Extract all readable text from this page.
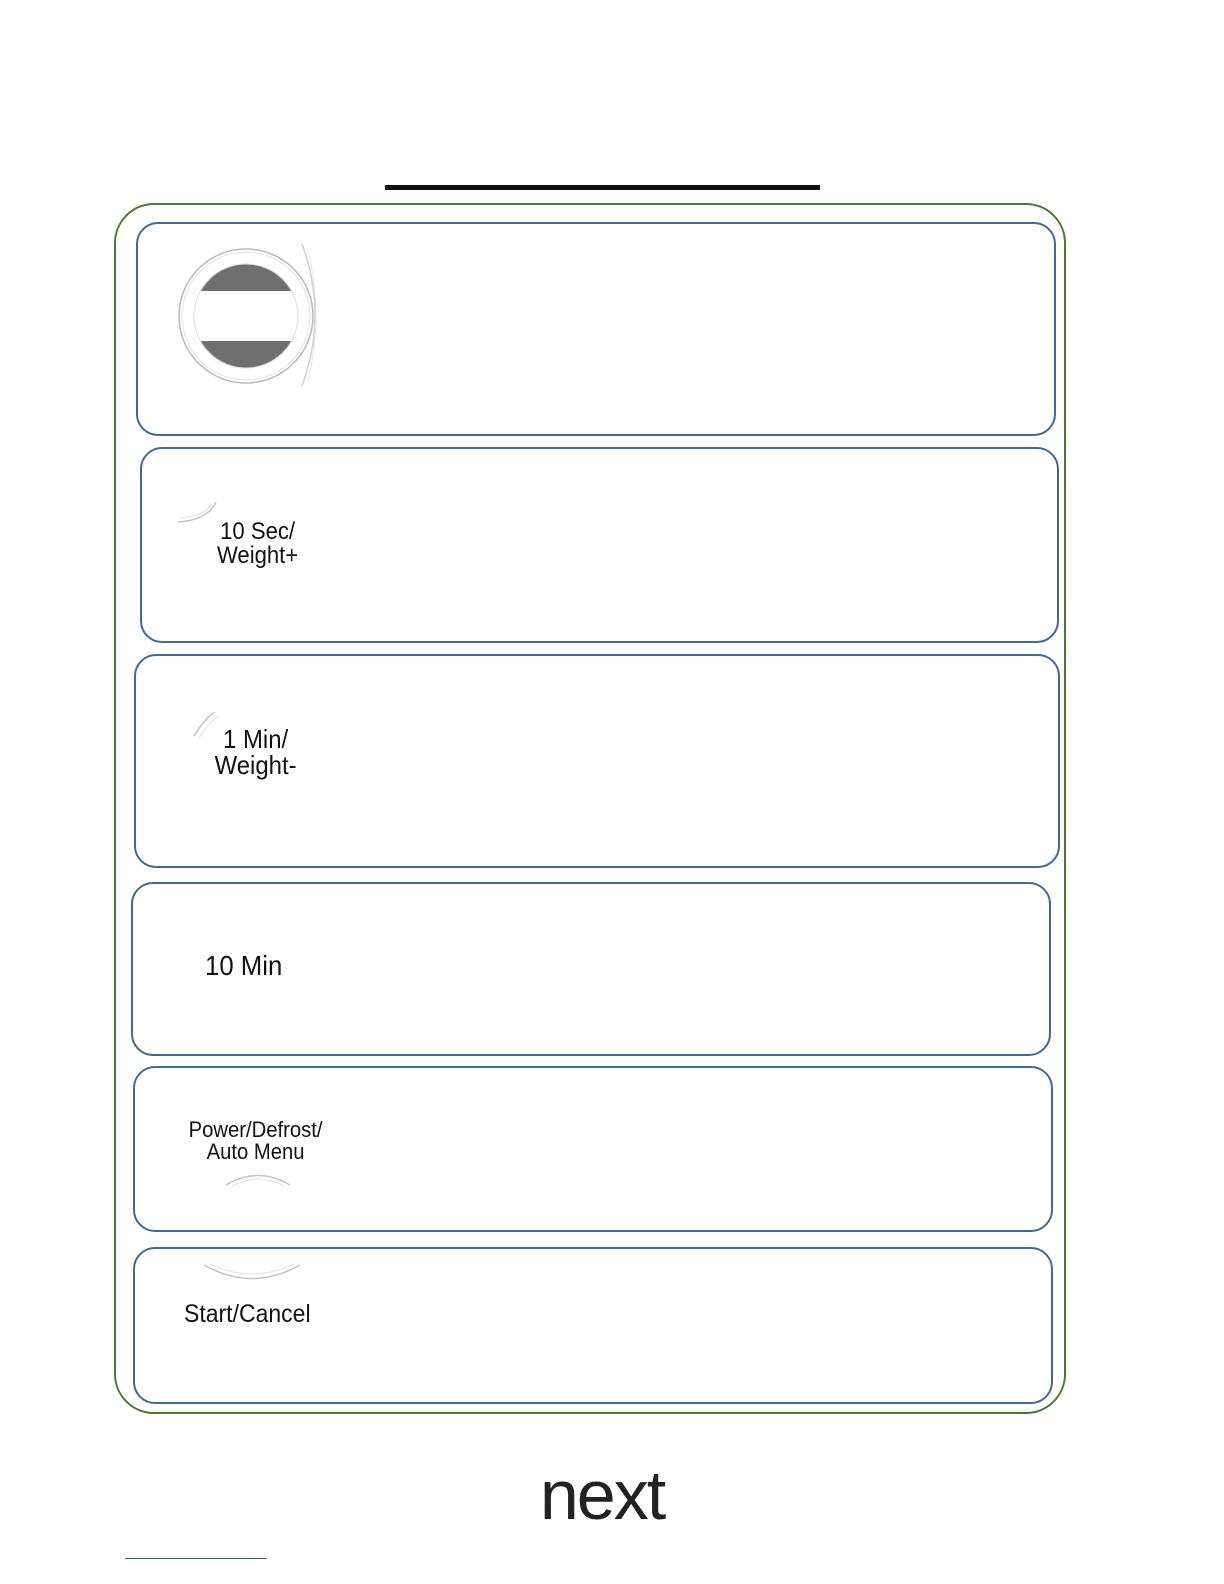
10 Sec/
Weight+
1 Min/
Weight-
10 Min
Power/Defrost/
Auto Menu
Start/Cancel
next
